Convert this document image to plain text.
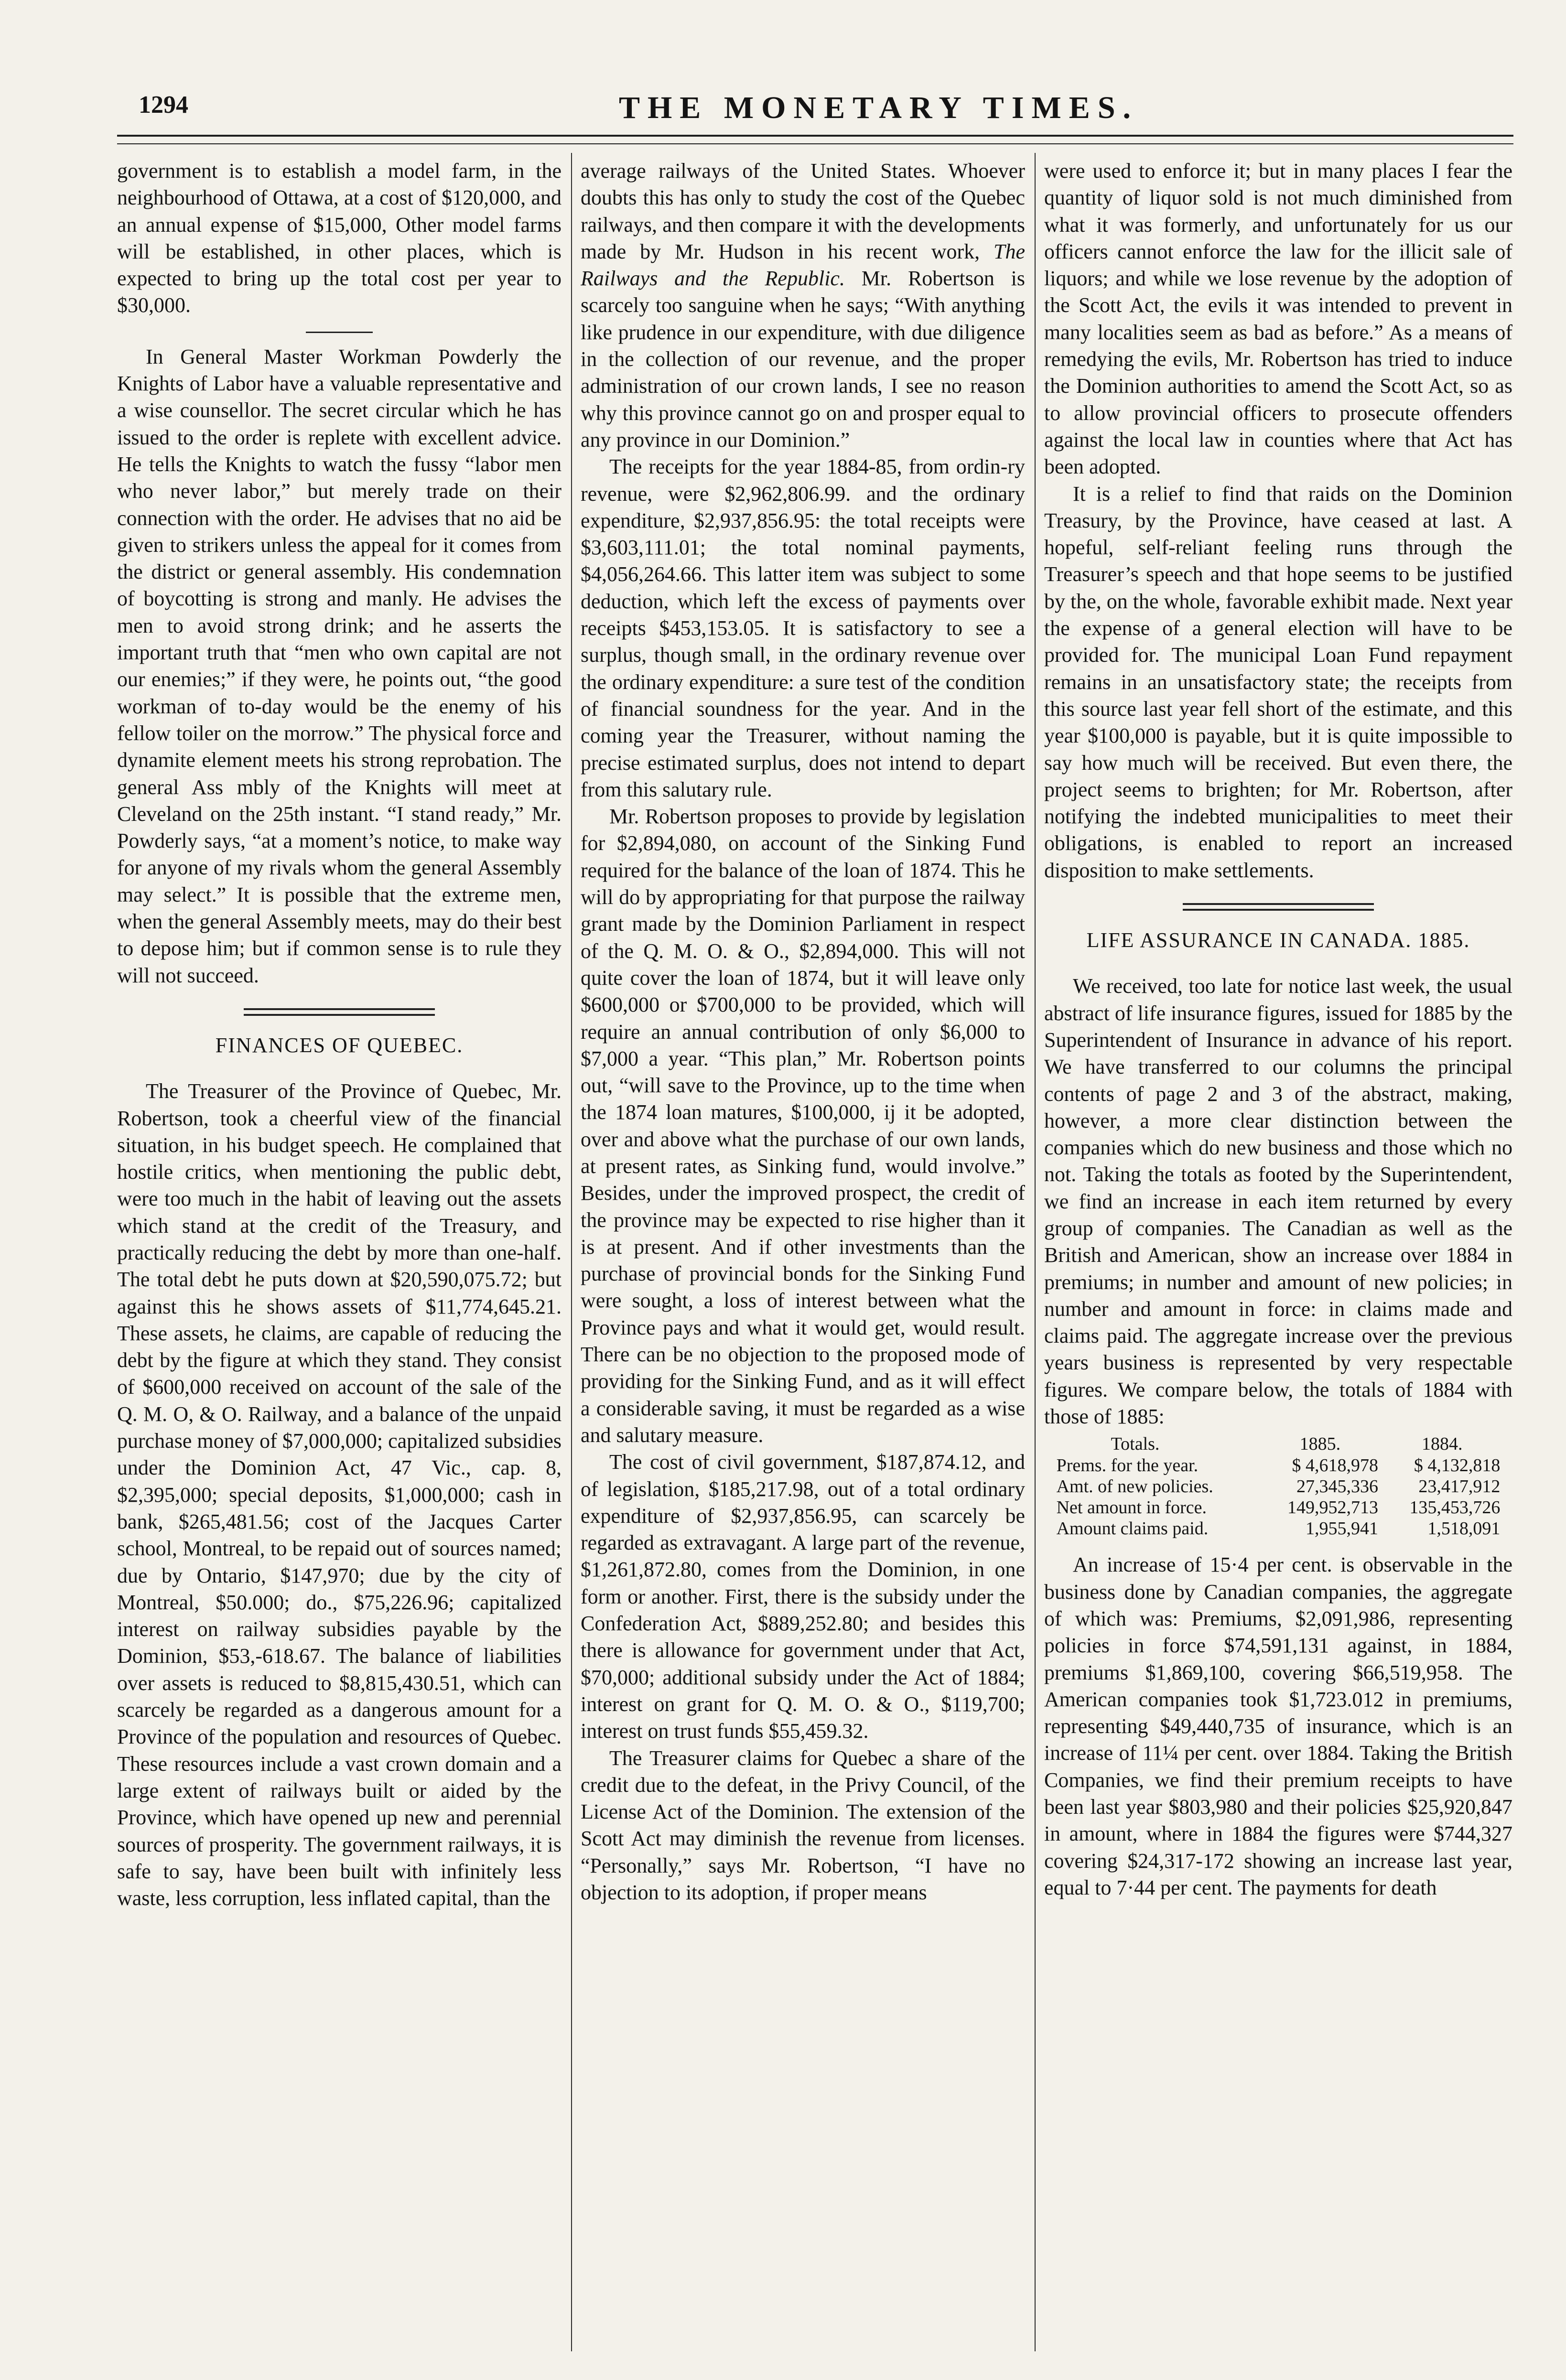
1294	THE MONETARY TIMES.

government is to establish a model farm, in the neighbourhood of Ottawa, at a cost of $120,000, and an annual expense of $15,000, Other model farms will be established, in other places, which is expected to bring up the total cost per year to $30,000.

In General Master Workman Powderly the Knights of Labor have a valuable representative and a wise counsellor. The secret circular which he has issued to the order is replete with excellent advice. He tells the Knights to watch the fussy “labor men who never labor,” but merely trade on their connection with the order. He advises that no aid be given to strikers unless the appeal for it comes from the district or general assembly. His condemnation of boycotting is strong and manly. He advises the men to avoid strong drink; and he asserts the important truth that “men who own capital are not our enemies;” if they were, he points out, “the good workman of to-day would be the enemy of his fellow toiler on the morrow.” The physical force and dynamite element meets his strong reprobation. The general Ass mbly of the Knights will meet at Cleveland on the 25th instant. “I stand ready,” Mr. Powderly says, “at a moment’s notice, to make way for anyone of my rivals whom the general Assembly may select.” It is possible that the extreme men, when the general Assembly meets, may do their best to depose him; but if common sense is to rule they will not succeed.

FINANCES OF QUEBEC.

The Treasurer of the Province of Quebec, Mr. Robertson, took a cheerful view of the financial situation, in his budget speech. He complained that hostile critics, when mentioning the public debt, were too much in the habit of leaving out the assets which stand at the credit of the Treasury, and practically reducing the debt by more than one-half. The total debt he puts down at $20,590,075.72; but against this he shows assets of $11,774,645.21. These assets, he claims, are capable of reducing the debt by the figure at which they stand. They consist of $600,000 received on account of the sale of the Q. M. O, & O. Railway, and a balance of the unpaid purchase money of $7,000,000; capitalized subsidies under the Dominion Act, 47 Vic., cap. 8, $2,395,000; special deposits, $1,000,000; cash in bank, $265,481.56; cost of the Jacques Carter school, Montreal, to be repaid out of sources named; due by Ontario, $147,970; due by the city of Montreal, $50.000; do., $75,226.96; capitalized interest on railway subsidies payable by the Dominion, $53,-618.67. The balance of liabilities over assets is reduced to $8,815,430.51, which can scarcely be regarded as a dangerous amount for a Province of the population and resources of Quebec. These resources include a vast crown domain and a large extent of railways built or aided by the Province, which have opened up new and perennial sources of prosperity. The government railways, it is safe to say, have been built with infinitely less waste, less corruption, less inflated capital, than the

average railways of the United States. Whoever doubts this has only to study the cost of the Quebec railways, and then compare it with the developments made by Mr. Hudson in his recent work, The Railways and the Republic. Mr. Robertson is scarcely too sanguine when he says; “With anything like prudence in our expenditure, with due diligence in the collection of our revenue, and the proper administration of our crown lands, I see no reason why this province cannot go on and prosper equal to any province in our Dominion.”

The receipts for the year 1884-85, from ordin-ry revenue, were $2,962,806.99. and the ordinary expenditure, $2,937,856.95: the total receipts were $3,603,111.01; the total nominal payments, $4,056,264.66. This latter item was subject to some deduction, which left the excess of payments over receipts $453,153.05. It is satisfactory to see a surplus, though small, in the ordinary revenue over the ordinary expenditure: a sure test of the condition of financial soundness for the year. And in the coming year the Treasurer, without naming the precise estimated surplus, does not intend to depart from this salutary rule.

Mr. Robertson proposes to provide by legislation for $2,894,080, on account of the Sinking Fund required for the balance of the loan of 1874. This he will do by appropriating for that purpose the railway grant made by the Dominion Parliament in respect of the Q. M. O. & O., $2,894,000. This will not quite cover the loan of 1874, but it will leave only $600,000 or $700,000 to be provided, which will require an annual contribution of only $6,000 to $7,000 a year. “This plan,” Mr. Robertson points out, “will save to the Province, up to the time when the 1874 loan matures, $100,000, ij it be adopted, over and above what the purchase of our own lands, at present rates, as Sinking fund, would involve.” Besides, under the improved prospect, the credit of the province may be expected to rise higher than it is at present. And if other investments than the purchase of provincial bonds for the Sinking Fund were sought, a loss of interest between what the Province pays and what it would get, would result. There can be no objection to the proposed mode of providing for the Sinking Fund, and as it will effect a considerable saving, it must be regarded as a wise and salutary measure.

The cost of civil government, $187,874.12, and of legislation, $185,217.98, out of a total ordinary expenditure of $2,937,856.95, can scarcely be regarded as extravagant. A large part of the revenue, $1,261,872.80, comes from the Dominion, in one form or another. First, there is the subsidy under the Confederation Act, $889,252.80; and besides this there is allowance for government under that Act, $70,000; additional subsidy under the Act of 1884; interest on grant for Q. M. O. & O., $119,700; interest on trust funds $55,459.32.

The Treasurer claims for Quebec a share of the credit due to the defeat, in the Privy Council, of the License Act of the Dominion. The extension of the Scott Act may diminish the revenue from licenses. “Personally,” says Mr. Robertson, “I have no objection to its adoption, if proper means

were used to enforce it; but in many places I fear the quantity of liquor sold is not much diminished from what it was formerly, and unfortunately for us our officers cannot enforce the law for the illicit sale of liquors; and while we lose revenue by the adoption of the Scott Act, the evils it was intended to prevent in many localities seem as bad as before.” As a means of remedying the evils, Mr. Robertson has tried to induce the Dominion authorities to amend the Scott Act, so as to allow provincial officers to prosecute offenders against the local law in counties where that Act has been adopted.

It is a relief to find that raids on the Dominion Treasury, by the Province, have ceased at last. A hopeful, self-reliant feeling runs through the Treasurer’s speech and that hope seems to be justified by the, on the whole, favorable exhibit made. Next year the expense of a general election will have to be provided for. The municipal Loan Fund repayment remains in an unsatisfactory state; the receipts from this source last year fell short of the estimate, and this year $100,000 is payable, but it is quite impossible to say how much will be received. But even there, the project seems to brighten; for Mr. Robertson, after notifying the indebted municipalities to meet their obligations, is enabled to report an increased disposition to make settlements.

LIFE ASSURANCE IN CANADA. 1885.

We received, too late for notice last week, the usual abstract of life insurance figures, issued for 1885 by the Superintendent of Insurance in advance of his report. We have transferred to our columns the principal contents of page 2 and 3 of the abstract, making, however, a more clear distinction between the companies which do new business and those which no not. Taking the totals as footed by the Superintendent, we find an increase in each item returned by every group of companies. The Canadian as well as the British and American, show an increase over 1884 in premiums; in number and amount of new policies; in number and amount in force: in claims made and claims paid. The aggregate increase over the previous years business is represented by very respectable figures. We compare below, the totals of 1884 with those of 1885:

Totals.	1885.	1884.
Prems. for the year.	$ 4,618,978	$ 4,132,818
Amt. of new policies.	27,345,336	23,417,912
Net amount in force.	149,952,713	135,453,726
Amount claims paid.	1,955,941	1,518,091

An increase of 15·4 per cent. is observable in the business done by Canadian companies, the aggregate of which was: Premiums, $2,091,986, representing policies in force $74,591,131 against, in 1884, premiums $1,869,100, covering $66,519,958. The American companies took $1,723.012 in premiums, representing $49,440,735 of insurance, which is an increase of 11¼ per cent. over 1884. Taking the British Companies, we find their premium receipts to have been last year $803,980 and their policies $25,920,847 in amount, where in 1884 the figures were $744,327 covering $24,317-172 showing an increase last year, equal to 7·44 per cent. The payments for death
